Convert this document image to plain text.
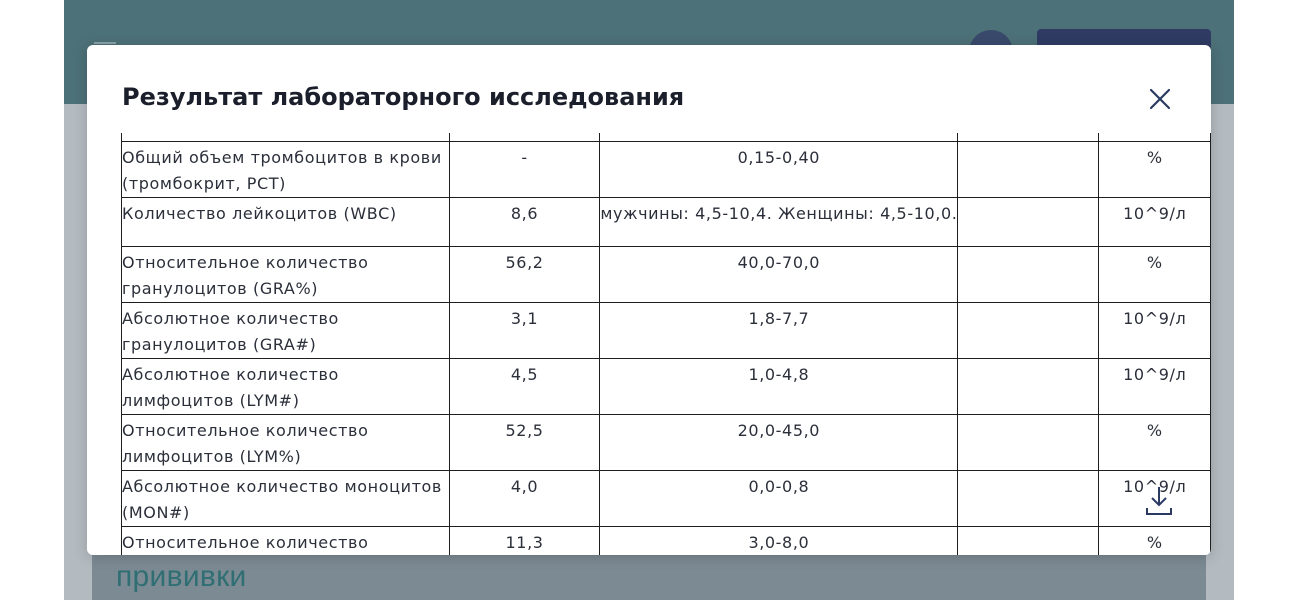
прививки
Результат лабораторного исследования

Общий объем тромбоцитов в крови (тромбокрит, PCT)	-	0,15-0,40		%
Количество лейкоцитов (WBC)	8,6	мужчины: 4,5-10,4. Женщины: 4,5-10,0.		10^9/л
Относительное количество гранулоцитов (GRA%)	56,2	40,0-70,0		%
Абсолютное количество гранулоцитов (GRA#)	3,1	1,8-7,7		10^9/л
Абсолютное количество лимфоцитов (LYM#)	4,5	1,0-4,8		10^9/л
Относительное количество лимфоцитов (LYM%)	52,5	20,0-45,0		%
Абсолютное количество моноцитов (MON#)	4,0	0,0-0,8		10^9/л
Относительное количество	11,3	3,0-8,0		%
